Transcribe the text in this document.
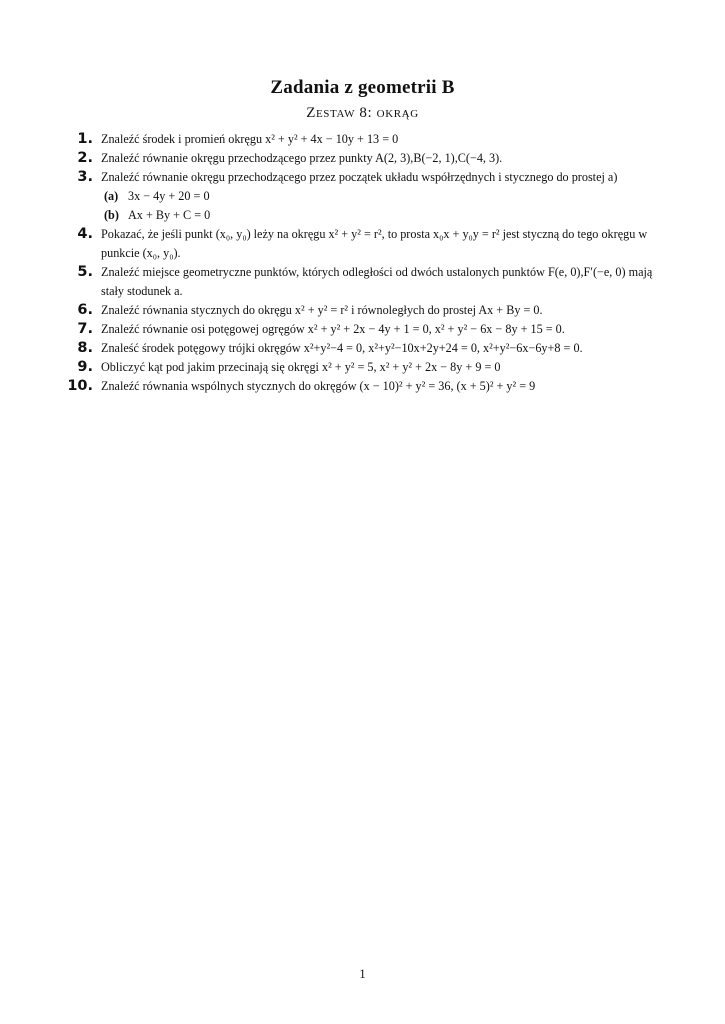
Zadania z geometrii B
Zestaw 8: okrąg
1. Znaleźć środek i promień okręgu x² + y² + 4x − 10y + 13 = 0
2. Znaleźć równanie okręgu przechodzącego przez punkty A(2, 3),B(−2, 1),C(−4, 3).
3. Znaleźć równanie okręgu przechodzącego przez początek układu współrzędnych i stycznego do prostej a)
(a) 3x − 4y + 20 = 0
(b) Ax + By + C = 0
4. Pokazać, że jeśli punkt (x₀, y₀) leży na okręgu x² + y² = r², to prosta x₀x + y₀y = r² jest styczną do tego okręgu w punkcie (x₀, y₀).
5. Znaleźć miejsce geometryczne punktów, których odległości od dwóch ustalonych punktów F(e, 0),F′(−e, 0) mają stały stodunek a.
6. Znaleźć równania stycznych do okręgu x² + y² = r² i równoległych do prostej Ax + By = 0.
7. Znaleźć równanie osi potęgowej ogręgów x² + y² + 2x − 4y + 1 = 0, x² + y² − 6x − 8y + 15 = 0.
8. Znaleść środek potęgowy trójki okręgów x²+y²−4 = 0, x²+y²−10x+2y+24 = 0, x²+y²−6x−6y+8 = 0.
9. Obliczyć kąt pod jakim przecinają się okręgi x² + y² = 5, x² + y² + 2x − 8y + 9 = 0
10. Znaleźć równania wspólnych stycznych do okręgów (x − 10)² + y² = 36, (x + 5)² + y² = 9
1
